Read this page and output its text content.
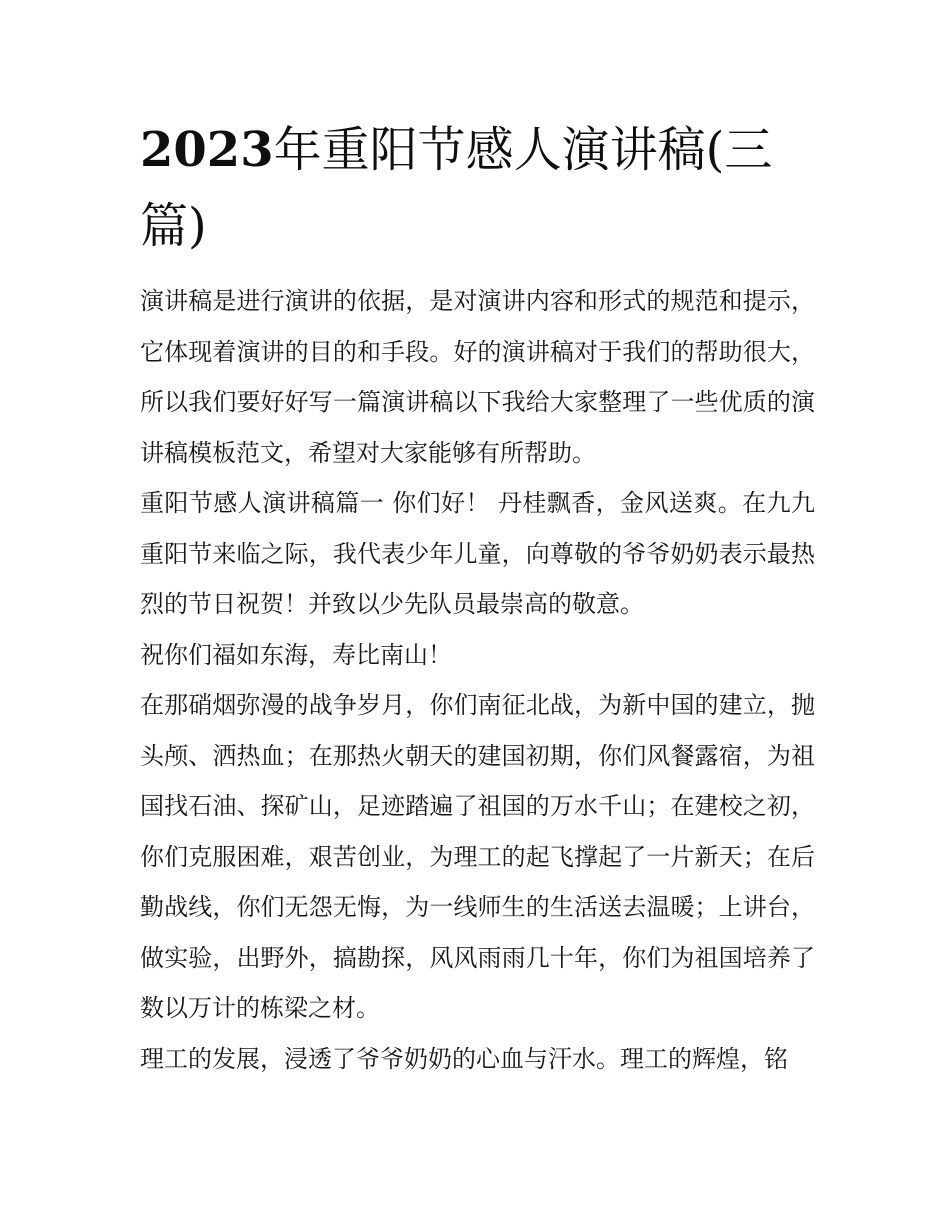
2023年重阳节感人演讲稿(三篇)

演讲稿是进行演讲的依据，是对演讲内容和形式的规范和提示，它体现着演讲的目的和手段。好的演讲稿对于我们的帮助很大，所以我们要好好写一篇演讲稿以下我给大家整理了一些优质的演讲稿模板范文，希望对大家能够有所帮助。

重阳节感人演讲稿篇一 你们好！ 丹桂飘香，金风送爽。在九九重阳节来临之际，我代表少年儿童，向尊敬的爷爷奶奶表示最热烈的节日祝贺！并致以少先队员最崇高的敬意。

祝你们福如东海，寿比南山！

在那硝烟弥漫的战争岁月，你们南征北战，为新中国的建立，抛头颅、洒热血；在那热火朝天的建国初期，你们风餐露宿，为祖国找石油、探矿山，足迹踏遍了祖国的万水千山；在建校之初，你们克服困难，艰苦创业，为理工的起飞撑起了一片新天；在后勤战线，你们无怨无悔，为一线师生的生活送去温暖；上讲台，做实验，出野外，搞勘探，风风雨雨几十年，你们为祖国培养了数以万计的栋梁之材。

理工的发展，浸透了爷爷奶奶的心血与汗水。理工的辉煌，铭
